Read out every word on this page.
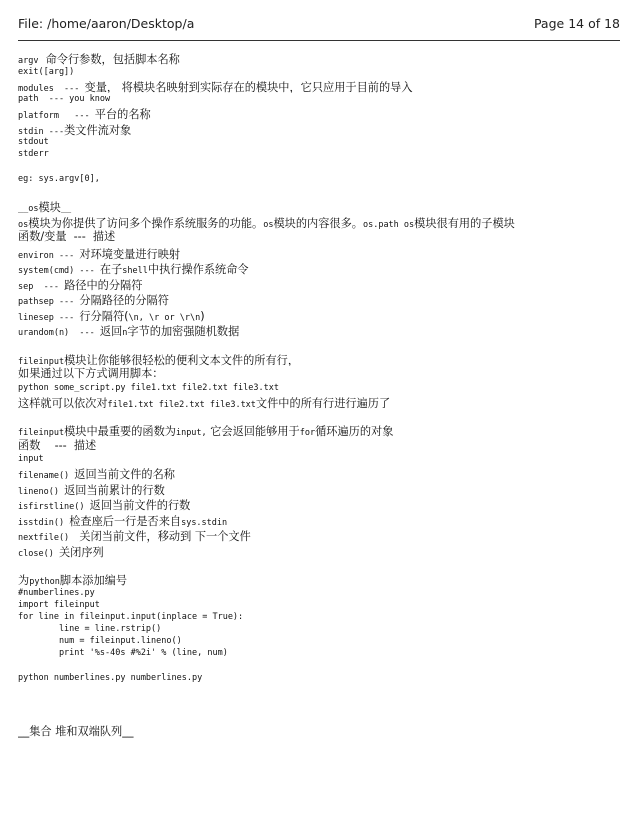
File: /home/aaron/Desktop/a	Page 14 of 18
argv  命令行参数，包括脚本名称
exit([arg])
modules  --- 变量， 将模块名映射到实际存在的模块中，它只应用于目前的导入
path  --- you know
platform   --- 平台的名称
stdin ---类文件流对象
stdout
stderr
eg: sys.argv[0],
__os模块__
os模块为你提供了访问多个操作系统服务的功能。os模块的内容很多。os.path os模块很有用的子模块
函数/变量  ---  描述
environ --- 对环境变量进行映射
system(cmd) --- 在子shell中执行操作系统命令
sep  --- 路径中的分隔符
pathsep --- 分隔路径的分隔符
linesep --- 行分隔符(\n, \r or \r\n)
urandom(n)  --- 返回n字节的加密强随机数据
fileinput模块让你能够很轻松的便利文本文件的所有行，
如果通过以下方式调用脚本：
python some_script.py file1.txt file2.txt file3.txt
这样就可以依次对file1.txt file2.txt file3.txt文件中的所有行进行遍历了
fileinput模块中最重要的函数为input, 它会返回能够用于for循环遍历的对象
函数    ---  描述
input
filename() 返回当前文件的名称
lineno() 返回当前累计的行数
isfirstline() 返回当前文件的行数
isstdin() 检查座后一行是否来自sys.stdin
nextfile()  关闭当前文件，移动到 下一个文件
close() 关闭序列
为python脚本添加编号
#numberlines.py
import fileinput
for line in fileinput.input(inplace = True):
line = line.rstrip()
num = fileinput.lineno()
print '%s-40s #%2i' % (line, num)
python numberlines.py numberlines.py
__集合 堆和双端队列__
